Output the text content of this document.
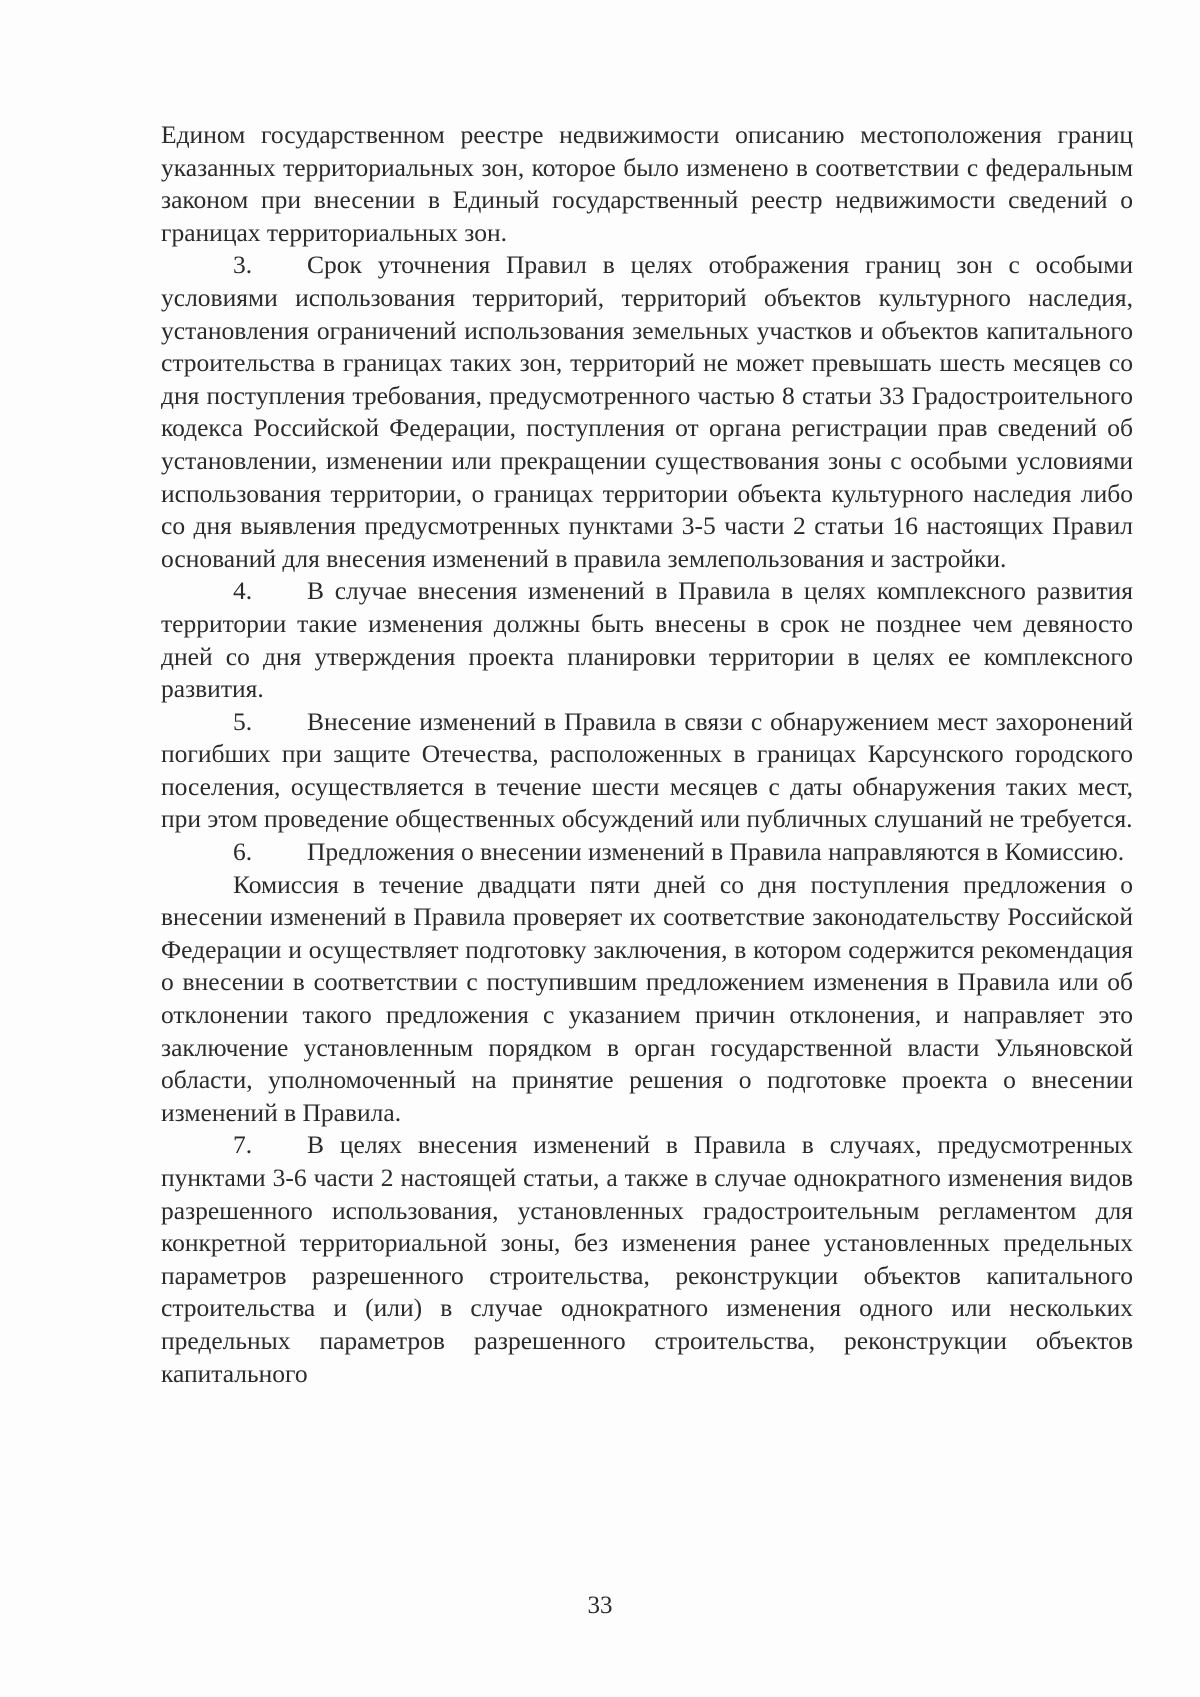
Едином государственном реестре недвижимости описанию местоположения границ указанных территориальных зон, которое было изменено в соответствии с федеральным законом при внесении в Единый государственный реестр недвижимости сведений о границах территориальных зон.

3. Срок уточнения Правил в целях отображения границ зон с особыми условиями использования территорий, территорий объектов культурного наследия, установления ограничений использования земельных участков и объектов капитального строительства в границах таких зон, территорий не может превышать шесть месяцев со дня поступления требования, предусмотренного частью 8 статьи 33 Градостроительного кодекса Российской Федерации, поступления от органа регистрации прав сведений об установлении, изменении или прекращении существования зоны с особыми условиями использования территории, о границах территории объекта культурного наследия либо со дня выявления предусмотренных пунктами 3-5 части 2 статьи 16 настоящих Правил оснований для внесения изменений в правила землепользования и застройки.

4. В случае внесения изменений в Правила в целях комплексного развития территории такие изменения должны быть внесены в срок не позднее чем девяносто дней со дня утверждения проекта планировки территории в целях ее комплексного развития.

5. Внесение изменений в Правила в связи с обнаружением мест захоронений погибших при защите Отечества, расположенных в границах Карсунского городского поселения, осуществляется в течение шести месяцев с даты обнаружения таких мест, при этом проведение общественных обсуждений или публичных слушаний не требуется.

6. Предложения о внесении изменений в Правила направляются в Комиссию.

Комиссия в течение двадцати пяти дней со дня поступления предложения о внесении изменений в Правила проверяет их соответствие законодательству Российской Федерации и осуществляет подготовку заключения, в котором содержится рекомендация о внесении в соответствии с поступившим предложением изменения в Правила или об отклонении такого предложения с указанием причин отклонения, и направляет это заключение установленным порядком в орган государственной власти Ульяновской области, уполномоченный на принятие решения о подготовке проекта о внесении изменений в Правила.

7. В целях внесения изменений в Правила в случаях, предусмотренных пунктами 3-6 части 2 настоящей статьи, а также в случае однократного изменения видов разрешенного использования, установленных градостроительным регламентом для конкретной территориальной зоны, без изменения ранее установленных предельных параметров разрешенного строительства, реконструкции объектов капитального строительства и (или) в случае однократного изменения одного или нескольких предельных параметров разрешенного строительства, реконструкции объектов капитального

33
